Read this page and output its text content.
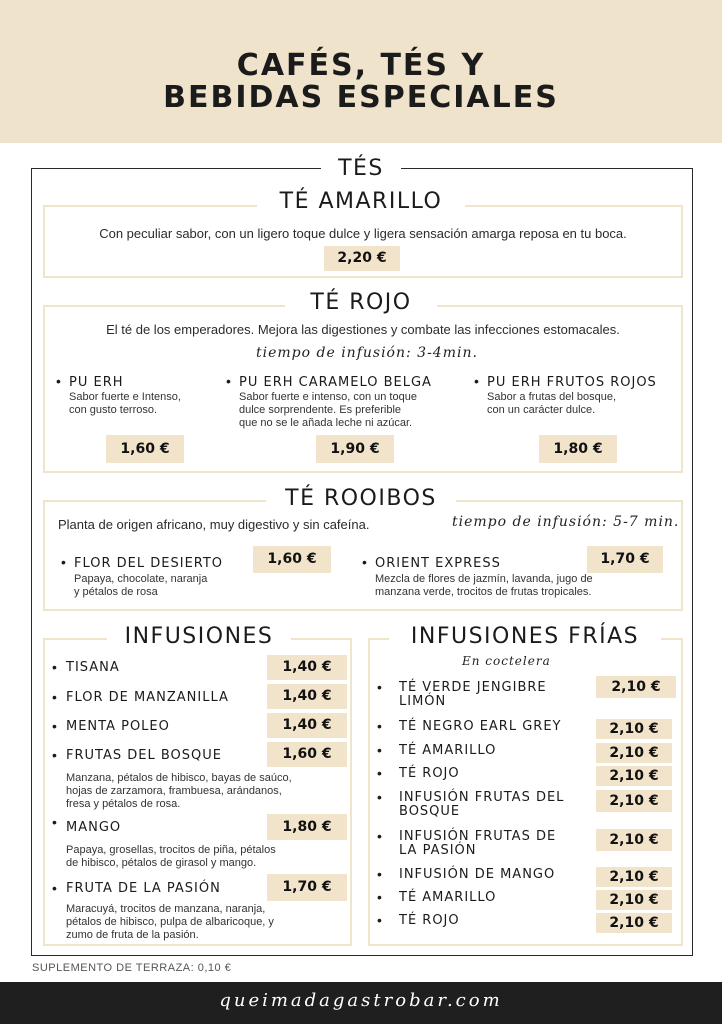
CAFÉS, TÉS Y
BEBIDAS ESPECIALES
TÉS
TÉ AMARILLO
Con peculiar sabor, con un ligero toque dulce y ligera sensación amarga reposa en tu boca.
2,20 €
TÉ ROJO
El té de los emperadores. Mejora las digestiones y combate las infecciones estomacales.
tiempo de infusión: 3-4min.
• PU ERH
Sabor fuerte e Intenso,
con gusto terroso.
1,60 €
• PU ERH CARAMELO BELGA
Sabor fuerte e intenso, con un toque
dulce sorprendente. Es preferible
que no se le añada leche ni azúcar.
1,90 €
• PU ERH FRUTOS ROJOS
Sabor a frutas del bosque,
con un carácter dulce.
1,80 €
TÉ ROOIBOS
Planta de origen africano, muy digestivo y sin cafeína.	tiempo de infusión: 5-7 min.
• FLOR DEL DESIERTO
Papaya, chocolate, naranja
y pétalos de rosa
1,60 €	• ORIENT EXPRESS
Mezcla de flores de jazmín, lavanda, jugo de
manzana verde, trocitos de frutas tropicales.
1,70 €
INFUSIONES
• TISANA	1,40 €
• FLOR DE MANZANILLA	1,40 €
• MENTA POLEO	1,40 €
• FRUTAS DEL BOSQUE	1,60 €
Manzana, pétalos de hibisco, bayas de saúco,
hojas de zarzamora, frambuesa, arándanos,
fresa y pétalos de rosa.
• MANGO	1,80 €
Papaya, grosellas, trocitos de piña, pétalos
de hibisco, pétalos de girasol y mango.
• FRUTA DE LA PASIÓN	1,70 €
Maracuyá, trocitos de manzana, naranja,
pétalos de hibisco, pulpa de albaricoque, y
zumo de fruta de la pasión.
INFUSIONES FRÍAS
En coctelera
• TÉ VERDE JENGIBRE
LIMÓN
2,10 €
• TÉ NEGRO EARL GREY	2,10 €
• TÉ AMARILLO	2,10 €
• TÉ ROJO	2,10 €
• INFUSIÓN FRUTAS DEL
BOSQUE
2,10 €
• INFUSIÓN FRUTAS DE
LA PASIÓN
2,10 €
• INFUSIÓN DE MANGO	2,10 €
• TÉ AMARILLO	2,10 €
• TÉ ROJO	2,10 €
SUPLEMENTO DE TERRAZA: 0,10 €
queimadagastrobar.com
